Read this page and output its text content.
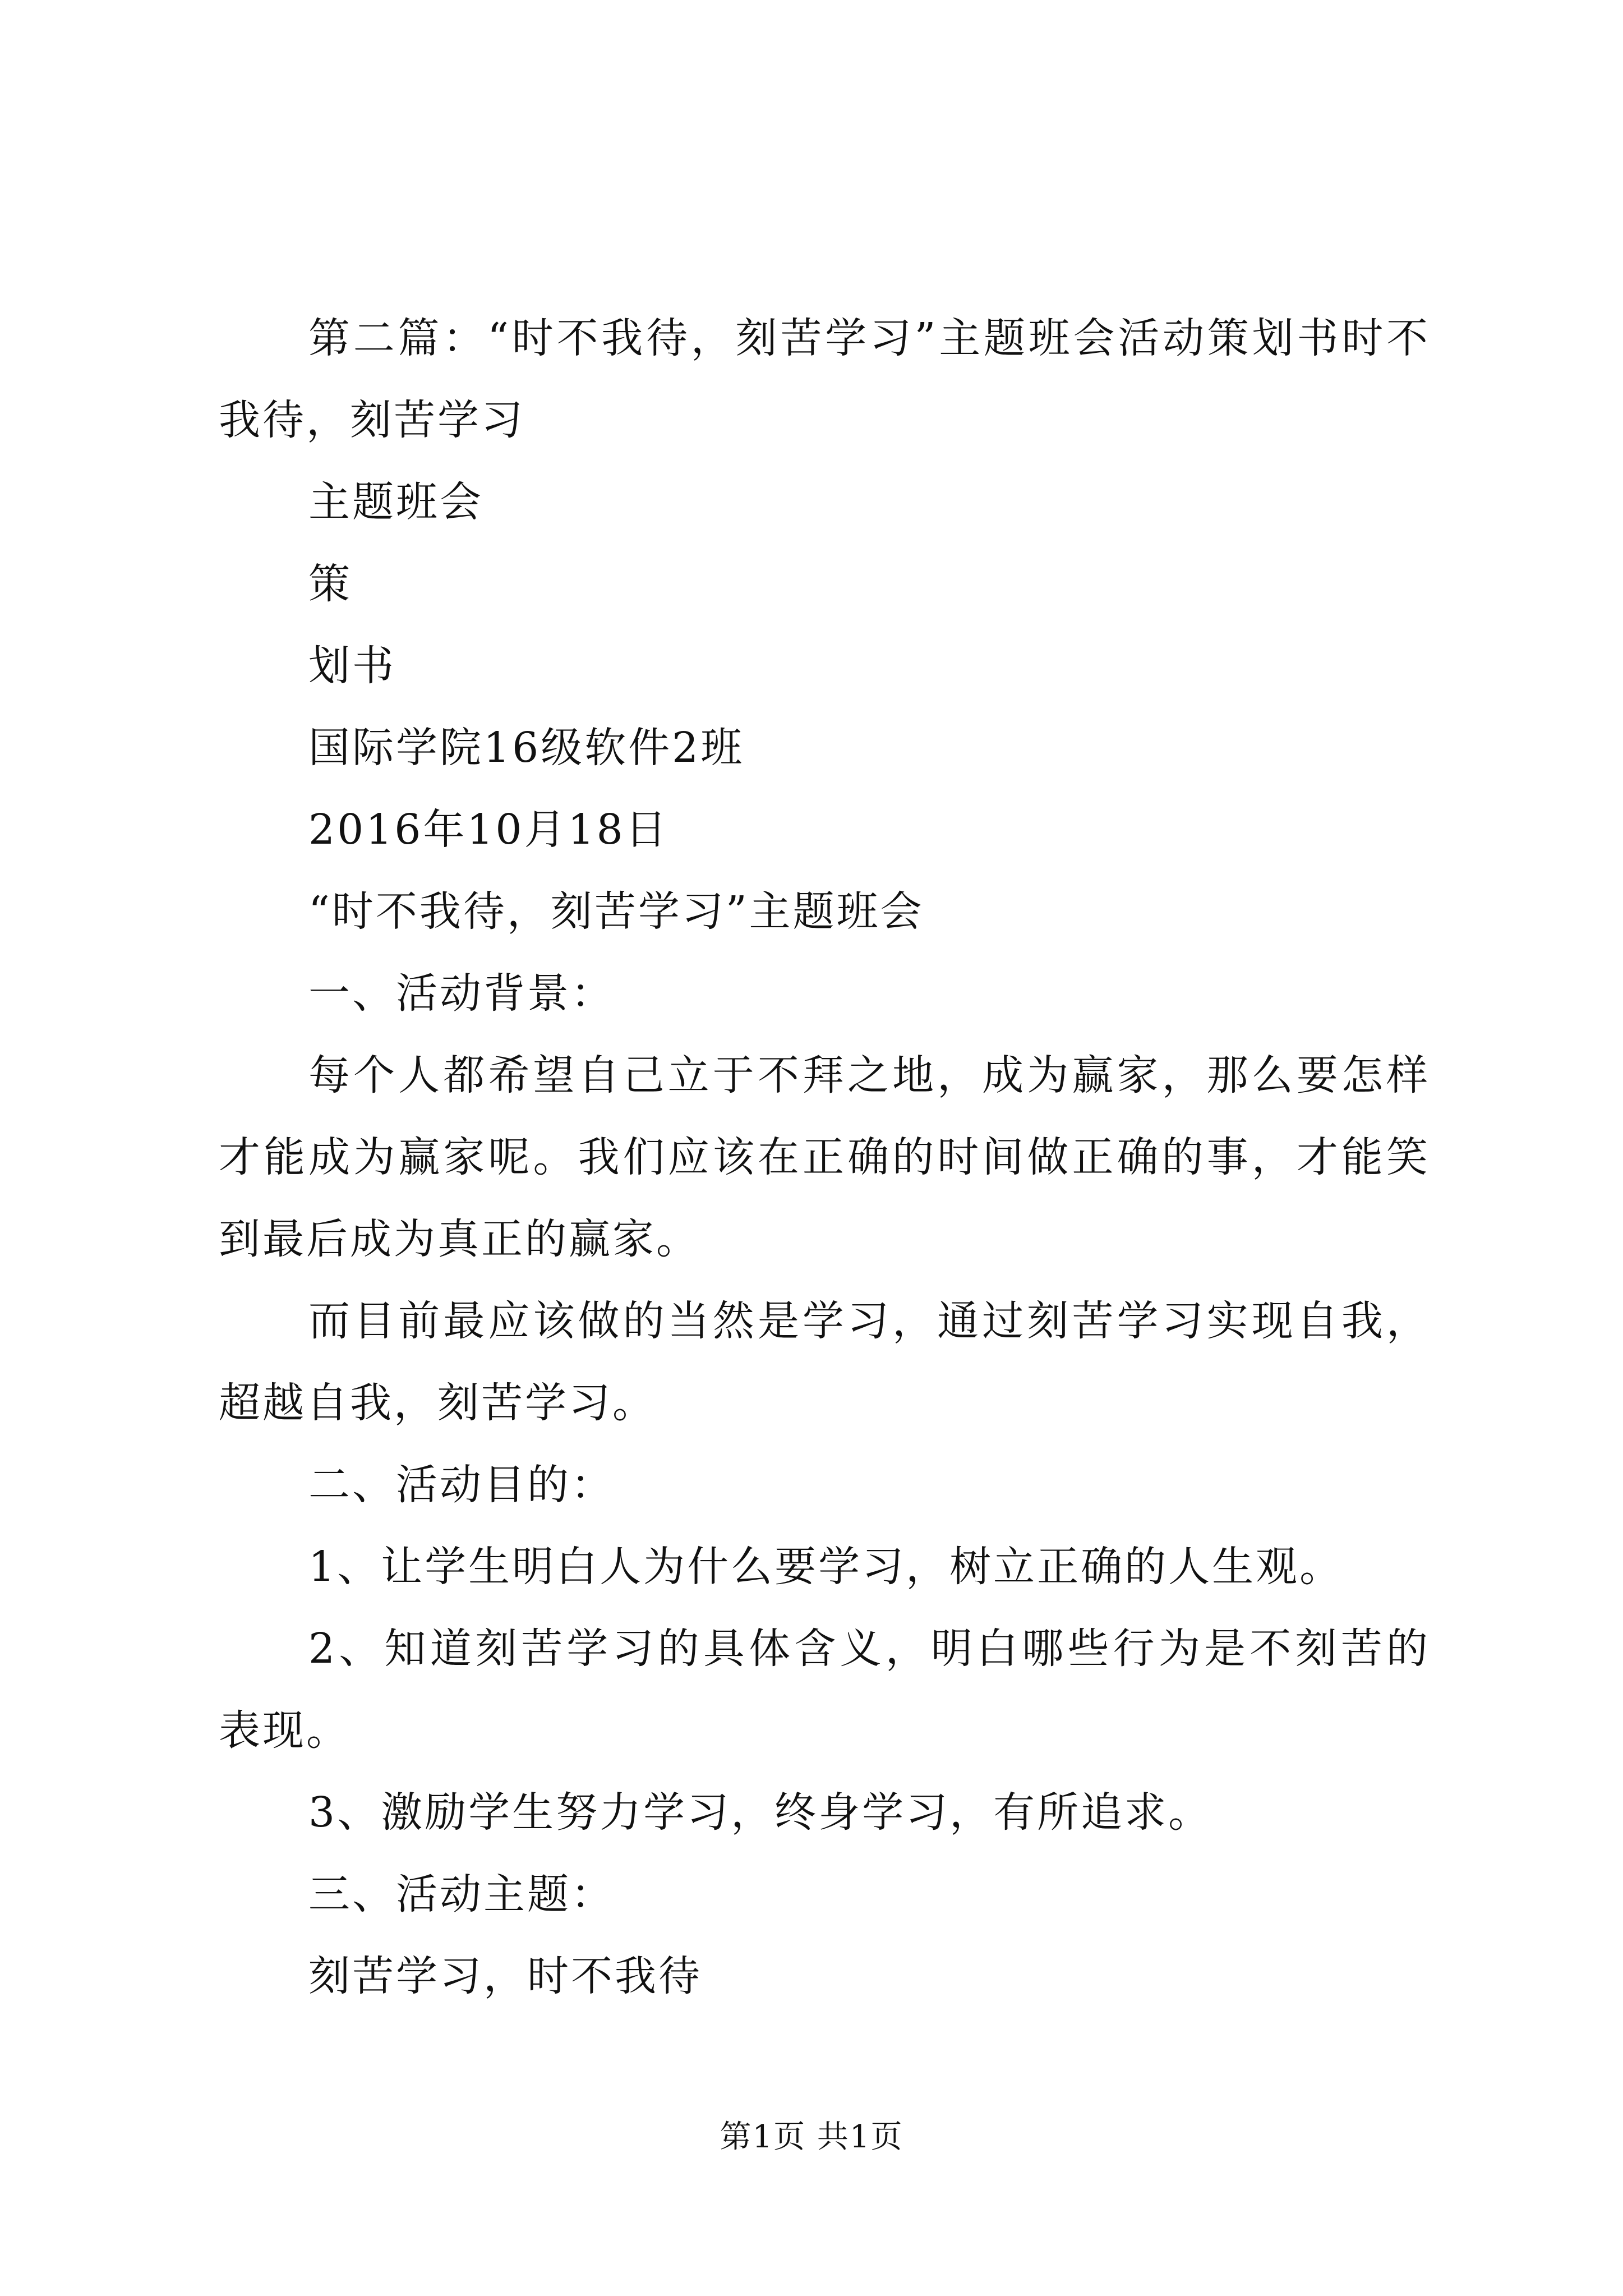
第二篇：“时不我待，刻苦学习”主题班会活动策划书时不我待，刻苦学习

主题班会

策

划书

国际学院16级软件2班

2016年10月18日

“时不我待，刻苦学习”主题班会

一、活动背景：

每个人都希望自己立于不拜之地，成为赢家，那么要怎样才能成为赢家呢。我们应该在正确的时间做正确的事，才能笑到最后成为真正的赢家。

而目前最应该做的当然是学习，通过刻苦学习实现自我，超越自我，刻苦学习。

二、活动目的：

1、让学生明白人为什么要学习，树立正确的人生观。

2、知道刻苦学习的具体含义，明白哪些行为是不刻苦的表现。

3、激励学生努力学习，终身学习，有所追求。

三、活动主题：

刻苦学习，时不我待

第1页 共1页
